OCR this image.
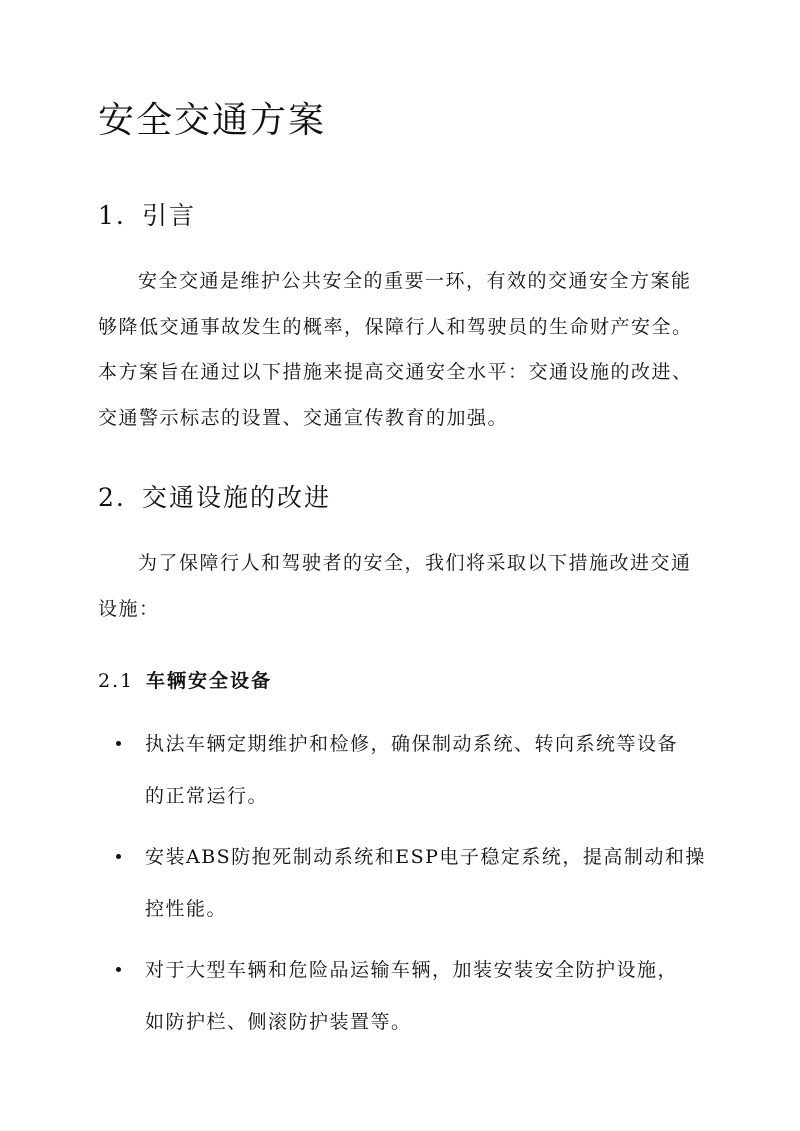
安全交通方案
1. 引言
安全交通是维护公共安全的重要一环，有效的交通安全方案能
够降低交通事故发生的概率，保障行人和驾驶员的生命财产安全。
本方案旨在通过以下措施来提高交通安全水平：交通设施的改进、
交通警示标志的设置、交通宣传教育的加强。
2. 交通设施的改进
为了保障行人和驾驶者的安全，我们将采取以下措施改进交通
设施：
2.1 车辆安全设备
执法车辆定期维护和检修，确保制动系统、转向系统等设备
的正常运行。
安装ABS防抱死制动系统和ESP电子稳定系统，提高制动和操
控性能。
对于大型车辆和危险品运输车辆，加装安装安全防护设施，
如防护栏、侧滚防护装置等。
